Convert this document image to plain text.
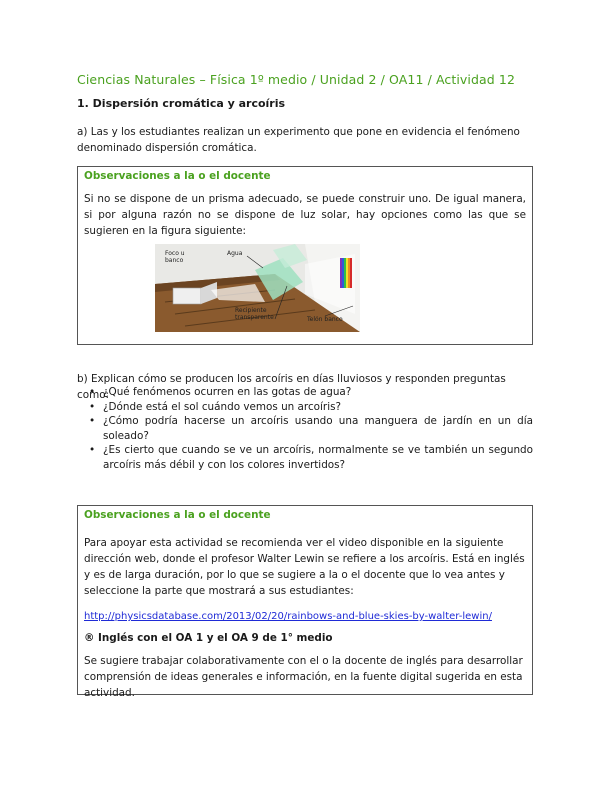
Ciencias Naturales – Física 1º medio / Unidad 2 / OA11 / Actividad 12
1. Dispersión cromática y arcoíris
a) Las y los estudiantes realizan un experimento que pone en evidencia el fenómeno denominado dispersión cromática.
Observaciones a la o el docente
Si no se dispone de un prisma adecuado, se puede construir uno. De igual manera, si por alguna razón no se dispone de luz solar, hay opciones como las que se sugieren en la figura siguiente:
Foco u
banco
Agua
Recipiente
transparente	Telón banco
b) Explican cómo se producen los arcoíris en días lluviosos y responden preguntas como:
• ¿Qué fenómenos ocurren en las gotas de agua?
• ¿Dónde está el sol cuándo vemos un arcoíris?
• ¿Cómo podría hacerse un arcoíris usando una manguera de jardín en un día soleado?
• ¿Es cierto que cuando se ve un arcoíris, normalmente se ve también un segundo arcoíris más débil y con los colores invertidos?
Observaciones a la o el docente
Para apoyar esta actividad se recomienda ver el video disponible en la siguiente dirección web, donde el profesor Walter Lewin se refiere a los arcoíris. Está en inglés y es de larga duración, por lo que se sugiere a la o el docente que lo vea antes y seleccione la parte que mostrará a sus estudiantes:
http://physicsdatabase.com/2013/02/20/rainbows-and-blue-skies-by-walter-lewin/
® Inglés con el OA 1 y el OA 9 de 1° medio
Se sugiere trabajar colaborativamente con el o la docente de inglés para desarrollar comprensión de ideas generales e información, en la fuente digital sugerida en esta actividad.
